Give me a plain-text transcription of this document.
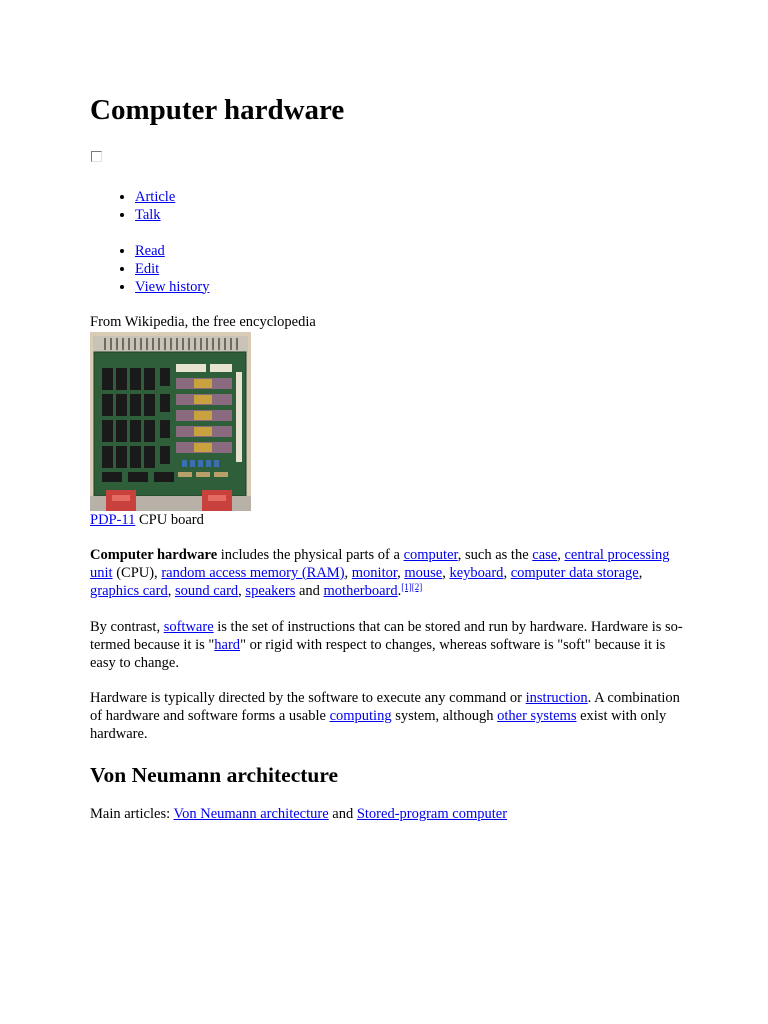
Computer hardware
• Article
• Talk
• Read
• Edit
• View history
From Wikipedia, the free encyclopedia
PDP-11 CPU board

Computer hardware includes the physical parts of a computer, such as the case, central processing unit (CPU), random access memory (RAM), monitor, mouse, keyboard, computer data storage, graphics card, sound card, speakers and motherboard.[1][2]

By contrast, software is the set of instructions that can be stored and run by hardware. Hardware is so-termed because it is "hard" or rigid with respect to changes, whereas software is "soft" because it is easy to change.

Hardware is typically directed by the software to execute any command or instruction. A combination of hardware and software forms a usable computing system, although other systems exist with only hardware.

Von Neumann architecture
Main articles: Von Neumann architecture and Stored-program computer
